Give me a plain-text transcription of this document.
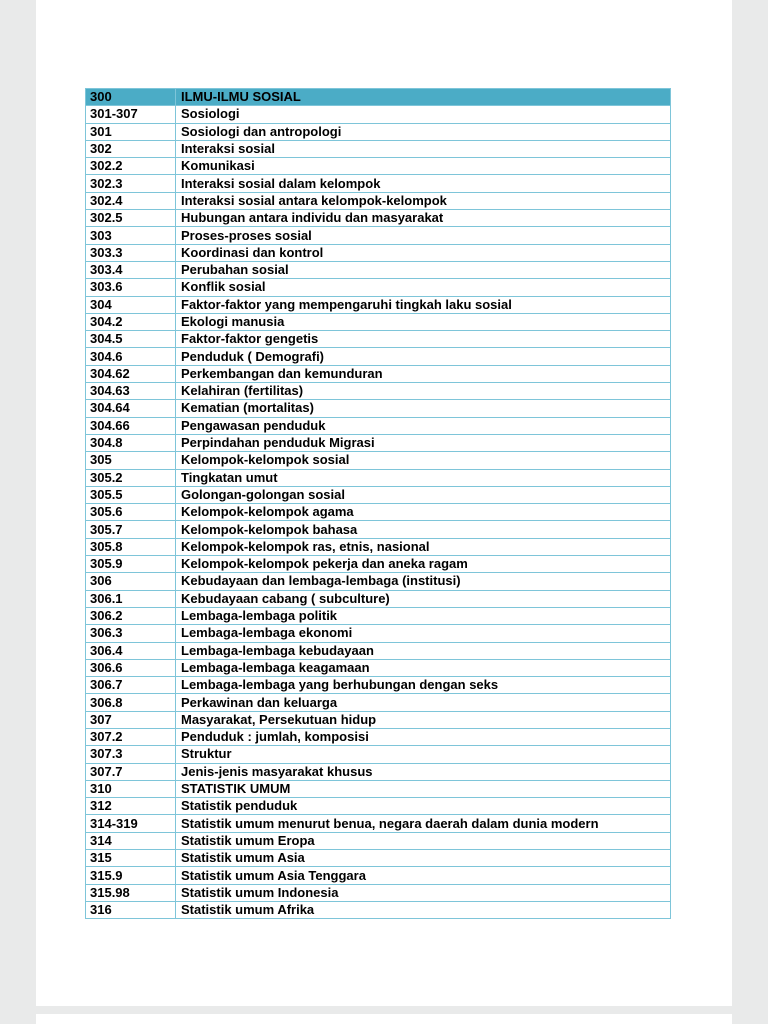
300	ILMU-ILMU SOSIAL
301-307	Sosiologi
301	Sosiologi dan antropologi
302	Interaksi sosial
302.2	Komunikasi
302.3	Interaksi sosial dalam kelompok
302.4	Interaksi sosial antara kelompok-kelompok
302.5	Hubungan antara individu dan masyarakat
303	Proses-proses sosial
303.3	Koordinasi dan kontrol
303.4	Perubahan sosial
303.6	Konflik sosial
304	Faktor-faktor yang mempengaruhi tingkah laku sosial
304.2	Ekologi manusia
304.5	Faktor-faktor gengetis
304.6	Penduduk ( Demografi)
304.62	Perkembangan dan kemunduran
304.63	Kelahiran (fertilitas)
304.64	Kematian (mortalitas)
304.66	Pengawasan penduduk
304.8	Perpindahan penduduk Migrasi
305	Kelompok-kelompok sosial
305.2	Tingkatan umut
305.5	Golongan-golongan sosial
305.6	Kelompok-kelompok agama
305.7	Kelompok-kelompok bahasa
305.8	Kelompok-kelompok ras, etnis, nasional
305.9	Kelompok-kelompok pekerja dan aneka ragam
306	Kebudayaan dan lembaga-lembaga (institusi)
306.1	Kebudayaan cabang ( subculture)
306.2	Lembaga-lembaga politik
306.3	Lembaga-lembaga ekonomi
306.4	Lembaga-lembaga kebudayaan
306.6	Lembaga-lembaga keagamaan
306.7	Lembaga-lembaga yang berhubungan dengan seks
306.8	Perkawinan dan keluarga
307	Masyarakat, Persekutuan hidup
307.2	Penduduk : jumlah, komposisi
307.3	Struktur
307.7	Jenis-jenis masyarakat khusus
310	STATISTIK UMUM
312	Statistik penduduk
314-319	Statistik umum menurut benua, negara daerah dalam dunia modern
314	Statistik umum Eropa
315	Statistik umum Asia
315.9	Statistik umum Asia Tenggara
315.98	Statistik umum Indonesia
316	Statistik umum Afrika
